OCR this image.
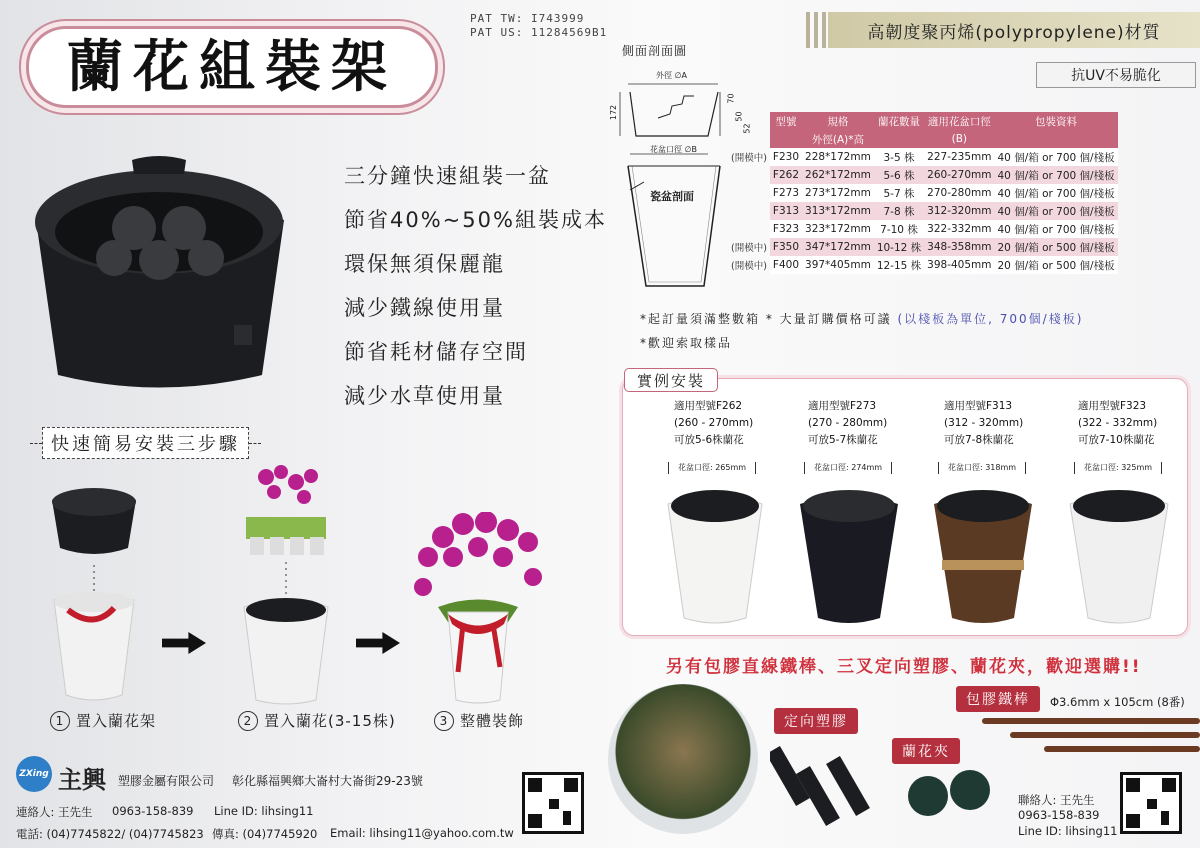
蘭花組裝架
PAT TW: I743999
PAT US: 11284569B1
三分鐘快速組裝一盆
節省40%~50%組裝成本
環保無須保麗龍
減少鐵線使用量
節省耗材儲存空間
減少水草使用量
快速簡易安裝三步驟
1 置入蘭花架	2 置入蘭花(3-15株)	3 整體裝飾
ZXing 主興 塑膠金屬有限公司 彰化縣福興鄉大崙村大崙街29-23號
連絡人: 王先生 0963-158-839 Line ID: lihsing11
電話: (04)7745822/ (04)7745823 傳真: (04)7745920 Email: lihsing11@yahoo.com.tw
高韌度聚丙烯(polypropylene)材質
抗UV不易脆化
側面剖面圖
外徑 ∅A
172
70
50
52
花盆口徑 ∅B
瓷盆剖面
	型號	規格	蘭花數量	適用花盆口徑	包裝資料
		外徑(A)*高		(B)	
(開模中)	F230	228*172mm	3-5 株	227-235mm	40 個/箱 or 700 個/棧板
	F262	262*172mm	5-6 株	260-270mm	40 個/箱 or 700 個/棧板
	F273	273*172mm	5-7 株	270-280mm	40 個/箱 or 700 個/棧板
	F313	313*172mm	7-8 株	312-320mm	40 個/箱 or 700 個/棧板
	F323	323*172mm	7-10 株	322-332mm	40 個/箱 or 700 個/棧板
(開模中)	F350	347*172mm	10-12 株	348-358mm	20 個/箱 or 500 個/棧板
(開模中)	F400	397*405mm	12-15 株	398-405mm	20 個/箱 or 500 個/棧板
*起訂量須滿整數箱 * 大量訂購價格可議 (以棧板為單位, 700個/棧板)
*歡迎索取樣品
實例安裝
適用型號F262
(260 - 270mm)
可放5-6株蘭花
適用型號F273
(270 - 280mm)
可放5-7株蘭花
適用型號F313
(312 - 320mm)
可放7-8株蘭花
適用型號F323
(322 - 332mm)
可放7-10株蘭花
花盆口徑: 265mm	花盆口徑: 274mm	花盆口徑: 318mm	花盆口徑: 325mm
另有包膠直線鐵棒、三叉定向塑膠、蘭花夾，歡迎選購!!
定向塑膠
蘭花夾
包膠鐵棒	Φ3.6mm x 105cm (8番)
聯絡人: 王先生
0963-158-839
Line ID: lihsing11
